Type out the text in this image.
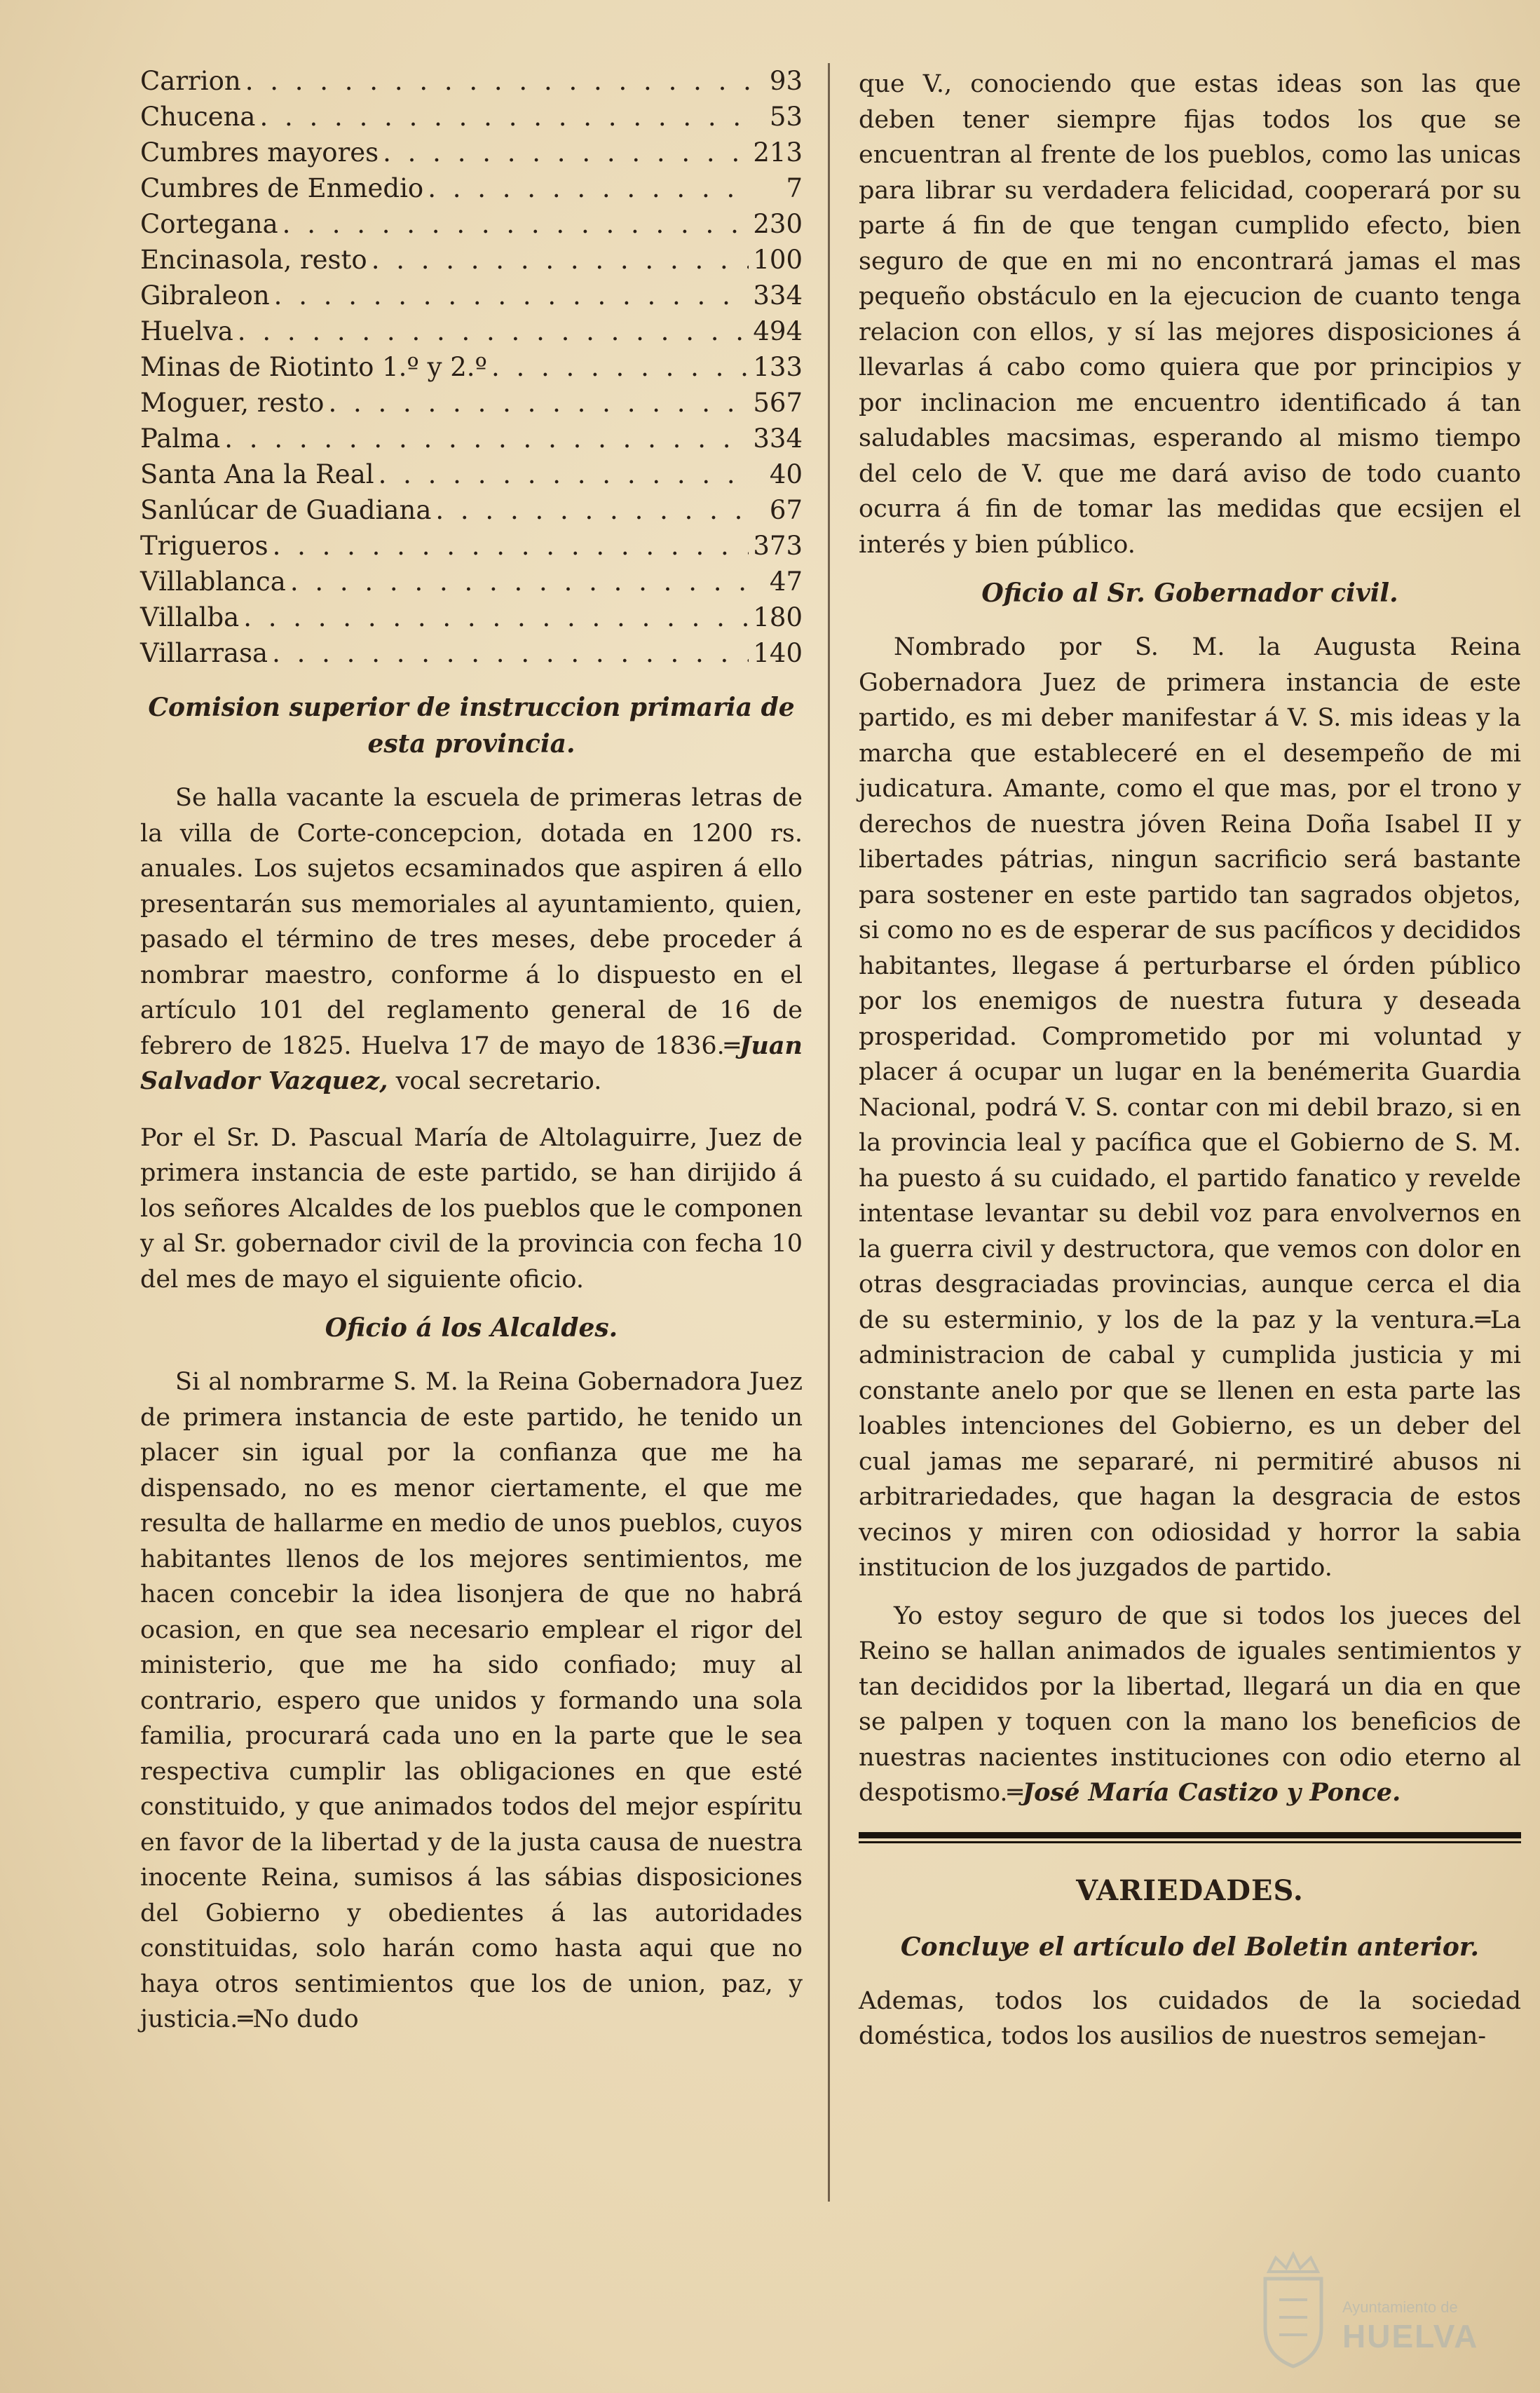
Carrion . . .	93
Chucena . . .	53
Cumbres mayores . . .	213
Cumbres de Enmedio . . .	7
Cortegana . . .	230
Encinasola, resto . . .	100
Gibraleon . . .	334
Huelva . . .	494
Minas de Riotinto 1.º y 2.º . . .	133
Moguer, resto . . .	567
Palma . . .	334
Santa Ana la Real . . .	40
Sanlúcar de Guadiana . . .	67
Trigueros . . .	373
Villablanca . . .	47
Villalba . . .	180
Villarrasa . . .	140
Comision superior de instruccion primaria de esta provincia.

Se halla vacante la escuela de primeras letras de la villa de Corte-concepcion, dotada en 1200 rs. anuales. Los sujetos ecsaminados que aspiren á ello presentarán sus memoriales al ayuntamiento, quien, pasado el término de tres meses, debe proceder á nombrar maestro, conforme á lo dispuesto en el artículo 101 del reglamento general de 16 de febrero de 1825. Huelva 17 de mayo de 1836.═Juan Salvador Vazquez, vocal secretario.

Por el Sr. D. Pascual María de Altolaguirre, Juez de primera instancia de este partido, se han dirijido á los señores Alcaldes de los pueblos que le componen y al Sr. gobernador civil de la provincia con fecha 10 del mes de mayo el siguiente oficio.

Oficio á los Alcaldes.

Si al nombrarme S. M. la Reina Gobernadora Juez de primera instancia de este partido, he tenido un placer sin igual por la confianza que me ha dispensado, no es menor ciertamente, el que me resulta de hallarme en medio de unos pueblos, cuyos habitantes llenos de los mejores sentimientos, me hacen concebir la idea lisonjera de que no habrá ocasion, en que sea necesario emplear el rigor del ministerio, que me ha sido confiado; muy al contrario, espero que unidos y formando una sola familia, procurará cada uno en la parte que le sea respectiva cumplir las obligaciones en que esté constituido, y que animados todos del mejor espíritu en favor de la libertad y de la justa causa de nuestra inocente Reina, sumisos á las sábias disposiciones del Gobierno y obedientes á las autoridades constituidas, solo harán como hasta aqui que no haya otros sentimientos que los de union, paz, y justicia.═No dudo

que V., conociendo que estas ideas son las que deben tener siempre fijas todos los que se encuentran al frente de los pueblos, como las unicas para librar su verdadera felicidad, cooperará por su parte á fin de que tengan cumplido efecto, bien seguro de que en mi no encontrará jamas el mas pequeño obstáculo en la ejecucion de cuanto tenga relacion con ellos, y sí las mejores disposiciones á llevarlas á cabo como quiera que por principios y por inclinacion me encuentro identificado á tan saludables macsimas, esperando al mismo tiempo del celo de V. que me dará aviso de todo cuanto ocurra á fin de tomar las medidas que ecsijen el interés y bien público.

Oficio al Sr. Gobernador civil.

Nombrado por S. M. la Augusta Reina Gobernadora Juez de primera instancia de este partido, es mi deber manifestar á V. S. mis ideas y la marcha que estableceré en el desempeño de mi judicatura. Amante, como el que mas, por el trono y derechos de nuestra jóven Reina Doña Isabel II y libertades pátrias, ningun sacrificio será bastante para sostener en este partido tan sagrados objetos, si como no es de esperar de sus pacíficos y decididos habitantes, llegase á perturbarse el órden público por los enemigos de nuestra futura y deseada prosperidad. Comprometido por mi voluntad y placer á ocupar un lugar en la benémerita Guardia Nacional, podrá V. S. contar con mi debil brazo, si en la provincia leal y pacífica que el Gobierno de S. M. ha puesto á su cuidado, el partido fanatico y revelde intentase levantar su debil voz para envolvernos en la guerra civil y destructora, que vemos con dolor en otras desgraciadas provincias, aunque cerca el dia de su esterminio, y los de la paz y la ventura.═La administracion de cabal y cumplida justicia y mi constante anelo por que se llenen en esta parte las loables intenciones del Gobierno, es un deber del cual jamas me separaré, ni permitiré abusos ni arbitrariedades, que hagan la desgracia de estos vecinos y miren con odiosidad y horror la sabia institucion de los juzgados de partido.

Yo estoy seguro de que si todos los jueces del Reino se hallan animados de iguales sentimientos y tan decididos por la libertad, llegará un dia en que se palpen y toquen con la mano los beneficios de nuestras nacientes instituciones con odio eterno al despotismo.═José María Castizo y Ponce.

VARIEDADES.
Concluye el artículo del Boletin anterior.

Ademas, todos los cuidados de la sociedad doméstica, todos los ausilios de nuestros semejan-

Ayuntamiento de
HUELVA
